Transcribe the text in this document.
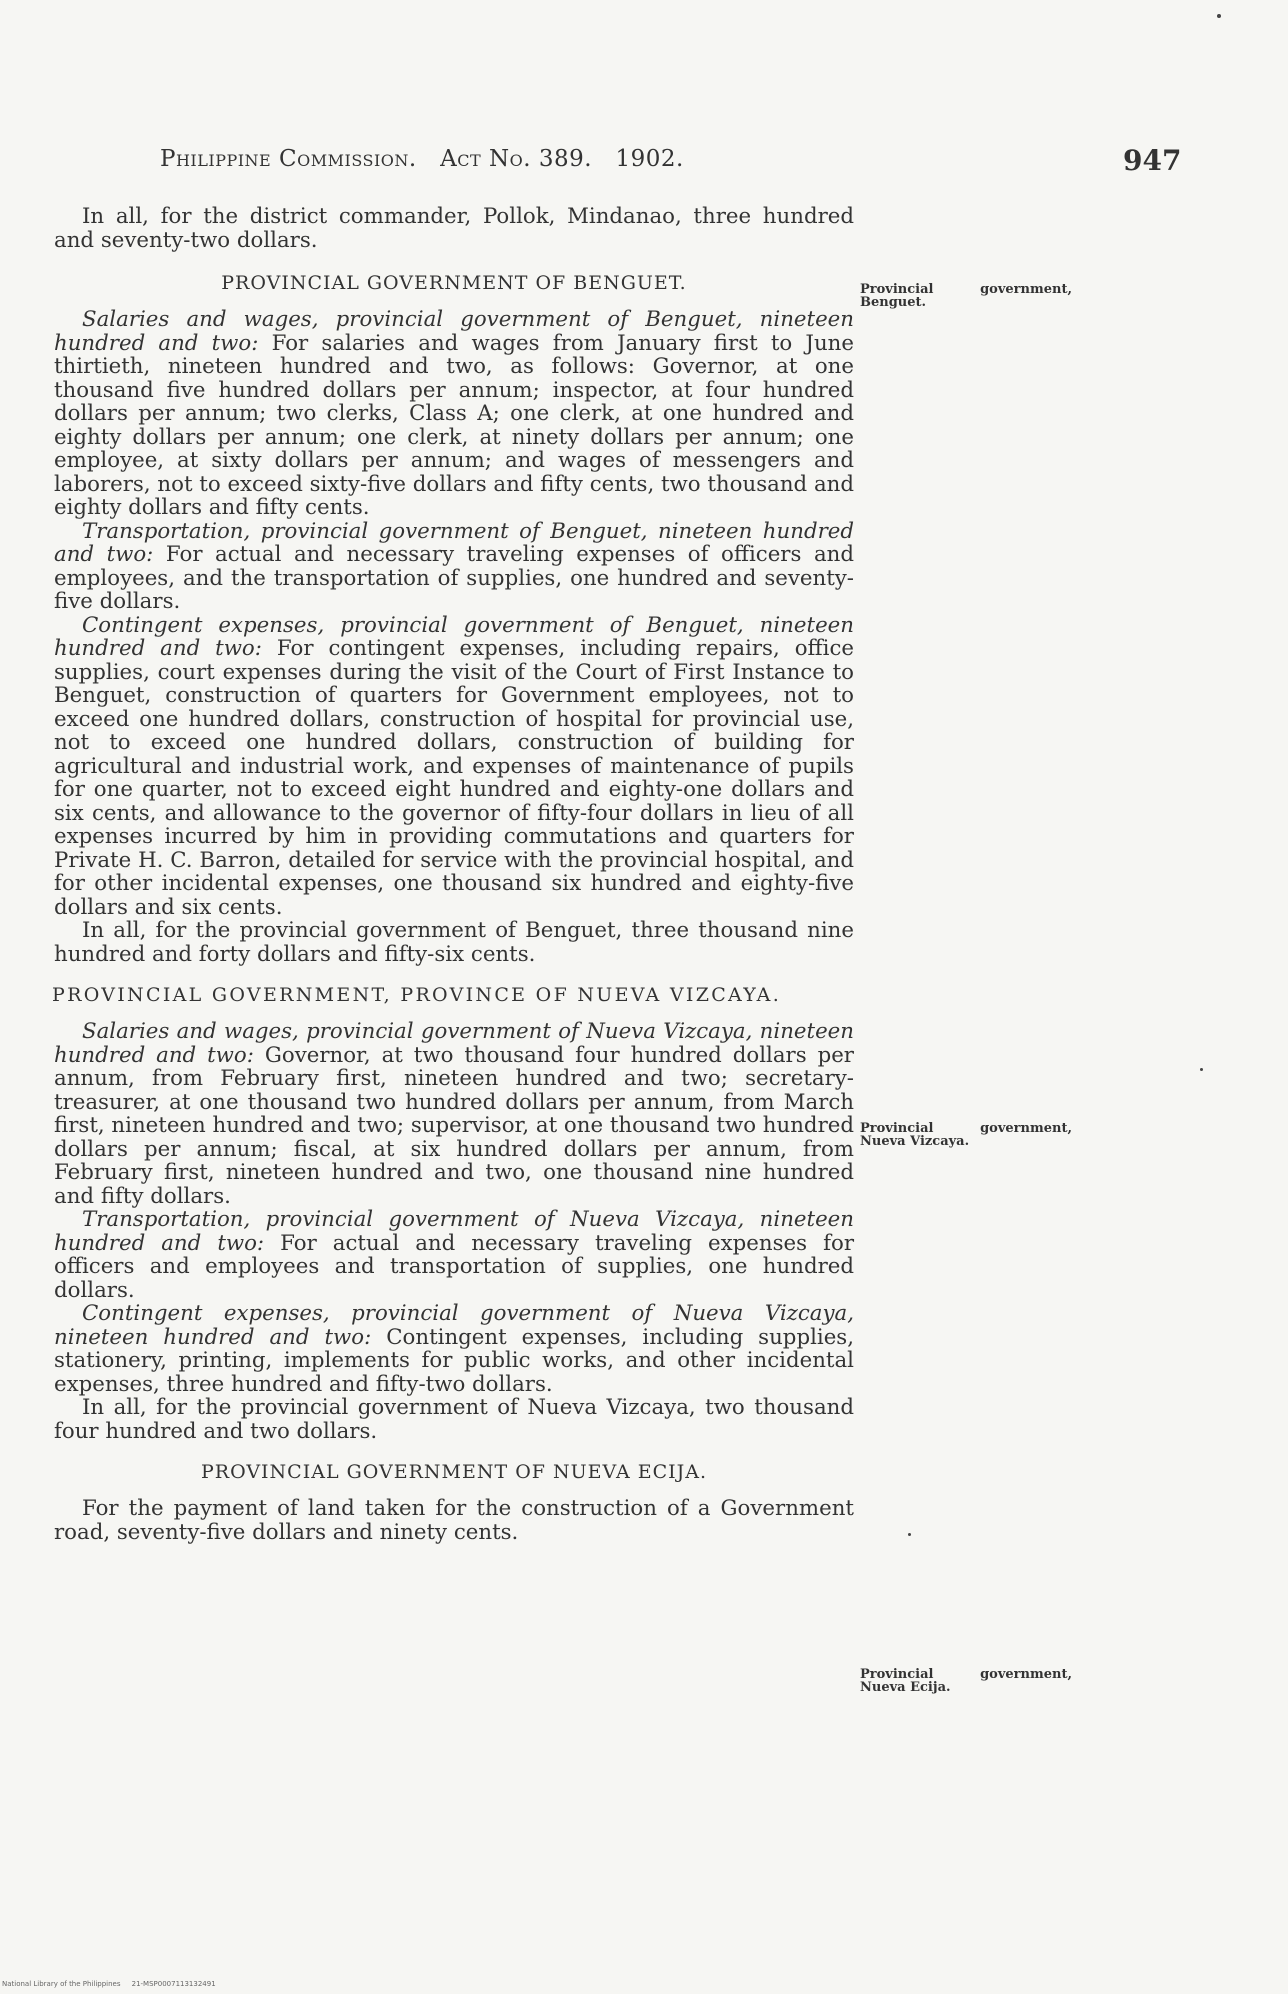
Philippine Commission.   Act No. 389.   1902.	947

In all, for the district commander, Pollok, Mindanao, three hundred and seventy-two dollars.

PROVINCIAL GOVERNMENT OF BENGUET.

Salaries and wages, provincial government of Benguet, nineteen hundred and two: For salaries and wages from January first to June thirtieth, nineteen hundred and two, as follows: Governor, at one thousand five hundred dollars per annum; inspector, at four hundred dollars per annum; two clerks, Class A; one clerk, at one hundred and eighty dollars per annum; one clerk, at ninety dollars per annum; one employee, at sixty dollars per annum; and wages of messengers and laborers, not to exceed sixty-five dollars and fifty cents, two thousand and eighty dollars and fifty cents.

Transportation, provincial government of Benguet, nineteen hundred and two: For actual and necessary traveling expenses of officers and employees, and the transportation of supplies, one hundred and seventy-five dollars.

Contingent expenses, provincial government of Benguet, nineteen hundred and two: For contingent expenses, including repairs, office supplies, court expenses during the visit of the Court of First Instance to Benguet, construction of quarters for Government employees, not to exceed one hundred dollars, construction of hospital for provincial use, not to exceed one hundred dollars, construction of building for agricultural and industrial work, and expenses of maintenance of pupils for one quarter, not to exceed eight hundred and eighty-one dollars and six cents, and allowance to the governor of fifty-four dollars in lieu of all expenses incurred by him in providing commutations and quarters for Private H. C. Barron, detailed for service with the provincial hospital, and for other incidental expenses, one thousand six hundred and eighty-five dollars and six cents.

In all, for the provincial government of Benguet, three thousand nine hundred and forty dollars and fifty-six cents.

PROVINCIAL GOVERNMENT, PROVINCE OF NUEVA VIZCAYA.

Salaries and wages, provincial government of Nueva Vizcaya, nineteen hundred and two: Governor, at two thousand four hundred dollars per annum, from February first, nineteen hundred and two; secretary-treasurer, at one thousand two hundred dollars per annum, from March first, nineteen hundred and two; supervisor, at one thousand two hundred dollars per annum; fiscal, at six hundred dollars per annum, from February first, nineteen hundred and two, one thousand nine hundred and fifty dollars.

Transportation, provincial government of Nueva Vizcaya, nineteen hundred and two: For actual and necessary traveling expenses for officers and employees and transportation of supplies, one hundred dollars.

Contingent expenses, provincial government of Nueva Vizcaya, nineteen hundred and two: Contingent expenses, including supplies, stationery, printing, implements for public works, and other incidental expenses, three hundred and fifty-two dollars.

In all, for the provincial government of Nueva Vizcaya, two thousand four hundred and two dollars.

PROVINCIAL GOVERNMENT OF NUEVA ECIJA.

For the payment of land taken for the construction of a Government road, seventy-five dollars and ninety cents.

Provincial government, Benguet.
Provincial government, Nueva Vizcaya.
Provincial government, Nueva Ecija.
National Library of the Philippines     21-MSP0007113132491
